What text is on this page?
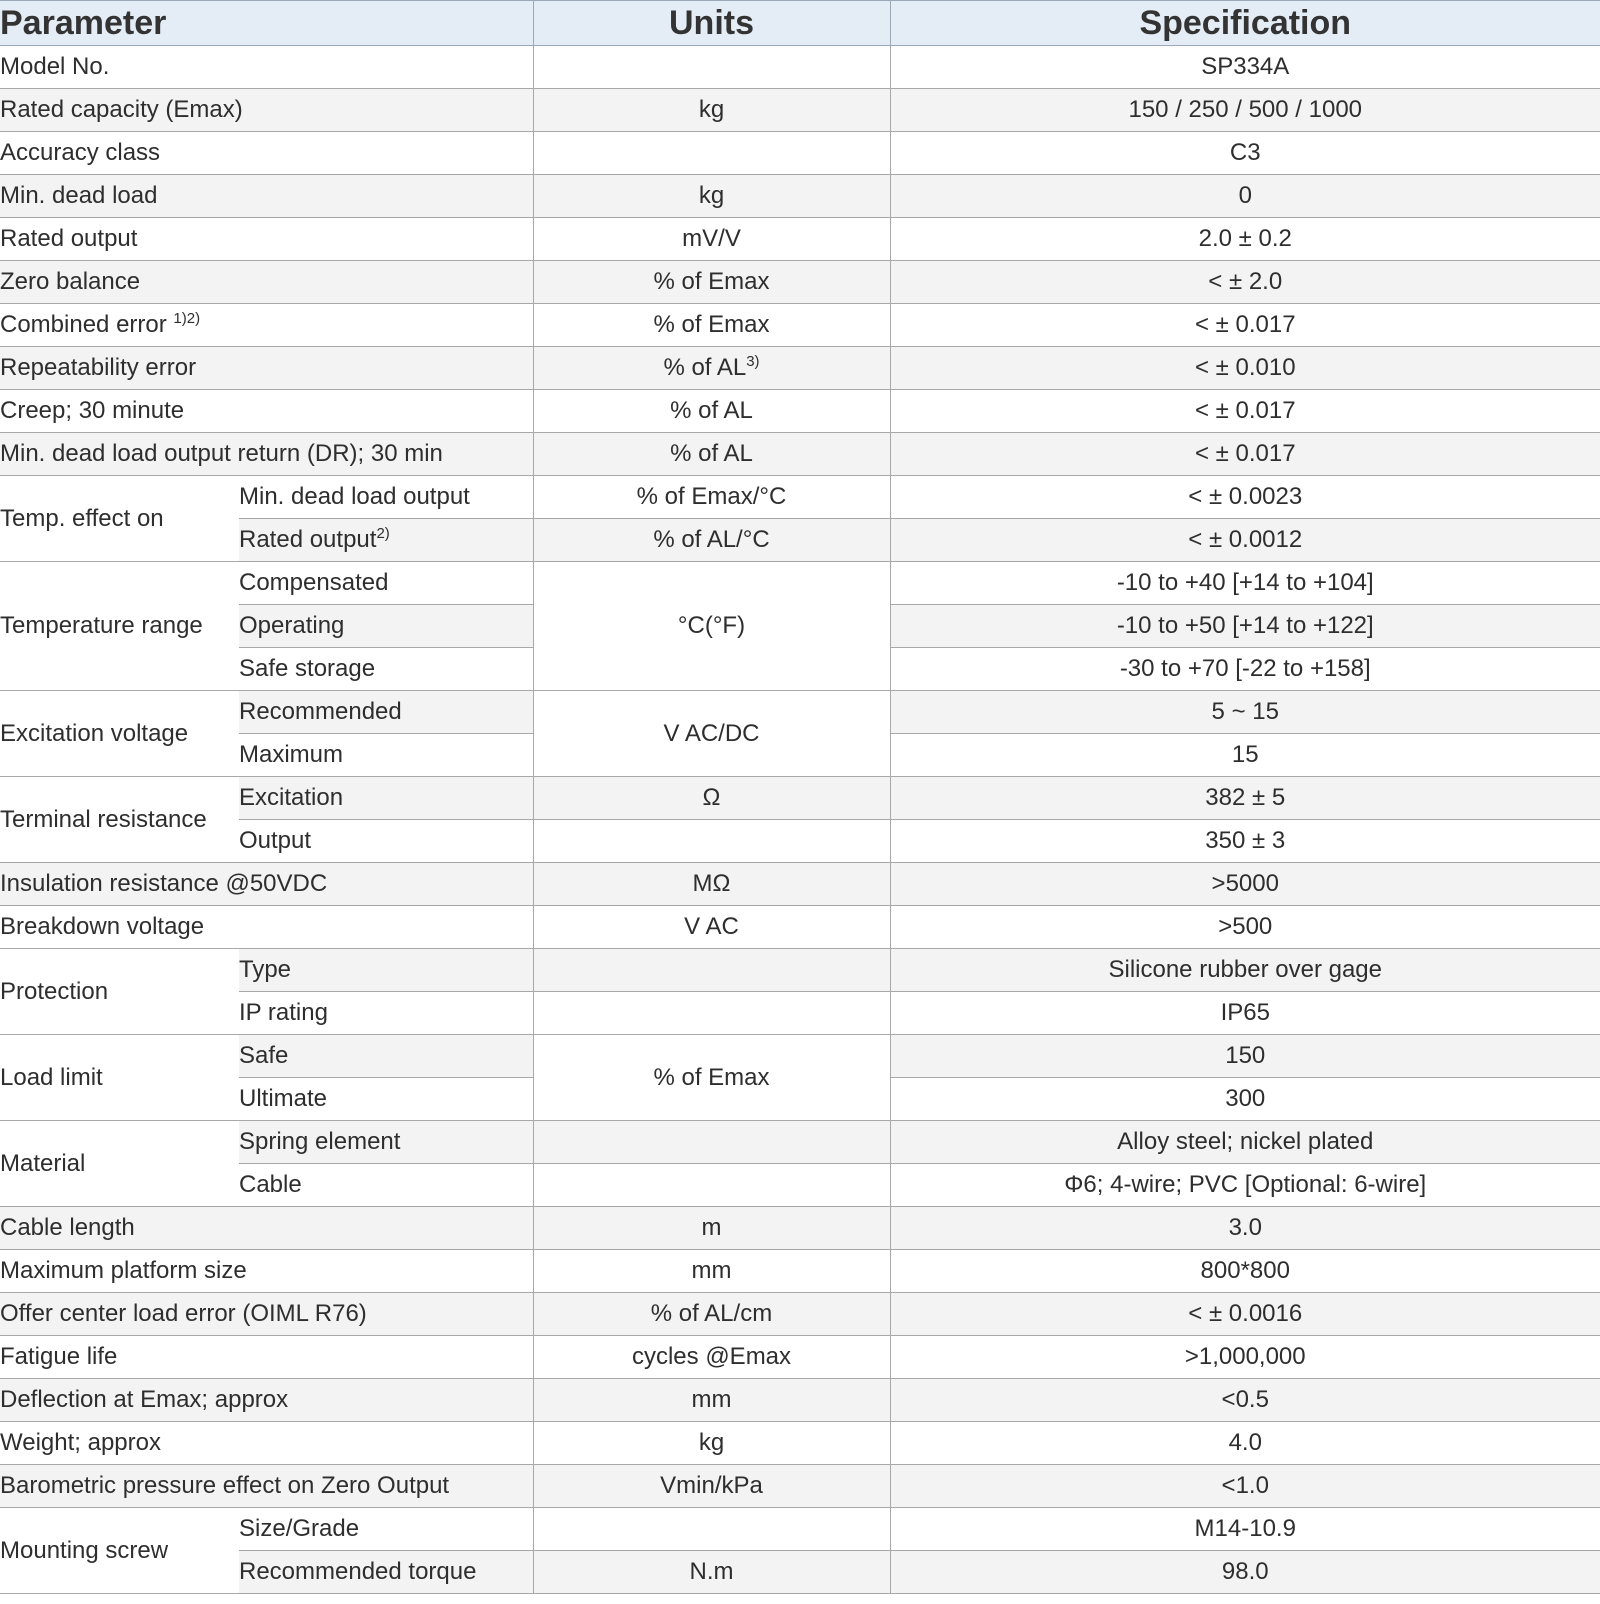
Parameter		Units	Specification
Model No.			SP334A
Rated capacity (Emax)		kg	150 / 250 / 500 / 1000
Accuracy class			C3
Min. dead load		kg	0
Rated output		mV/V	2.0 ± 0.2
Zero balance		% of Emax	< ± 2.0
Combined error $^{1)2)}$		% of Emax	< ± 0.017
Repeatability error		% of $AL^{3)}$	< ± 0.010
Creep; 30 minute		% of AL	< ± 0.017
Min. dead load output return (DR); 30 min		% of AL	< ± 0.017
Temp. effect on	Min. dead load output	% of Emax/°C	< ± 0.0023
	Rated output$^{2)}$	% of AL/°C	< ± 0.0012
Temperature range	Compensated	°C(°F)	-10 to +40 [+14 to +104]
	Operating		-10 to +50 [+14 to +122]
	Safe storage		-30 to +70 [-22 to +158]
Excitation voltage	Recommended	V AC/DC	5 ~ 15
	Maximum		15
Terminal resistance	Excitation	Ω	382 ± 5
	Output		350 ± 3
Insulation resistance @50VDC		MΩ	>5000
Breakdown voltage		V AC	>500
Protection	Type		Silicone rubber over gage
	IP rating		IP65
Load limit	Safe	% of Emax	150
	Ultimate		300
Material	Spring element		Alloy steel; nickel plated
	Cable		Φ6; 4-wire; PVC [Optional: 6-wire]
Cable length		m	3.0
Maximum platform size		mm	800*800
Offer center load error (OIML R76)		% of AL/cm	< ± 0.0016
Fatigue life		cycles @Emax	>1,000,000
Deflection at Emax; approx		mm	<0.5
Weight; approx		kg	4.0
Barometric pressure effect on Zero Output		Vmin/kPa	<1.0
Mounting screw	Size/Grade		M14-10.9
	Recommended torque	N.m	98.0
